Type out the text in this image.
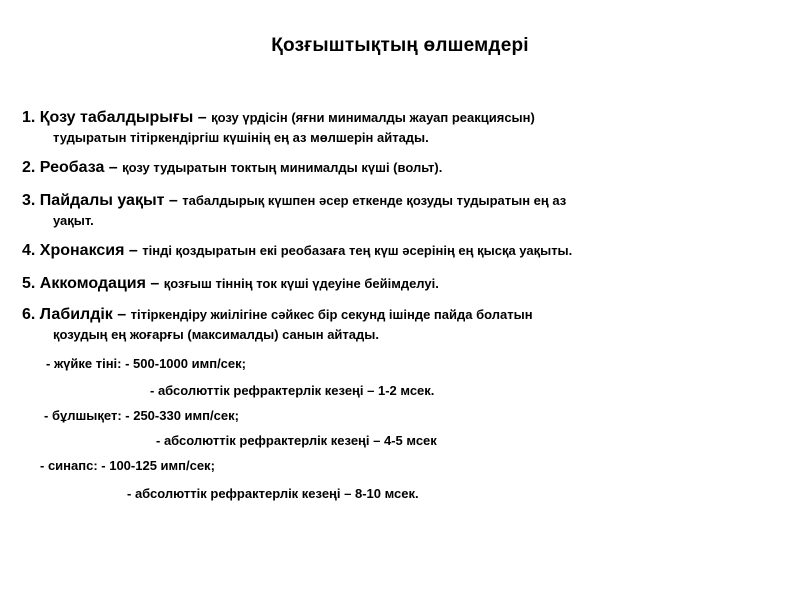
Қозғыштықтың өлшемдері
1. Қозу табалдырығы – қозу үрдісін (яғни минималды жауап реакциясын)
тудыратын тітіркендіргіш күшінің ең аз мөлшерін айтады.
2. Реобаза – қозу тудыратын токтың минималды күші (вольт).
3. Пайдалы уақыт – табалдырық күшпен әсер еткенде қозуды тудыратын ең аз
уақыт.
4. Хронаксия – тінді қоздыратын екі реобазаға тең күш әсерінің ең қысқа уақыты.
5. Аккомодация – қозғыш тіннің ток күші үдеуіне бейімделуі.
6. Лабилдік – тітіркендіру жиілігіне сәйкес бір секунд ішінде пайда болатын
қозудың ең жоғарғы (максималды) санын айтады.
- жүйке тіні: - 500-1000 имп/сек;
- абсолюттік рефрактерлік кезеңі – 1-2 мсек.
- бұлшықет: - 250-330 имп/сек;
- абсолюттік рефрактерлік кезеңі – 4-5 мсек
- синапс: - 100-125 имп/сек;
- абсолюттік рефрактерлік кезеңі – 8-10 мсек.
